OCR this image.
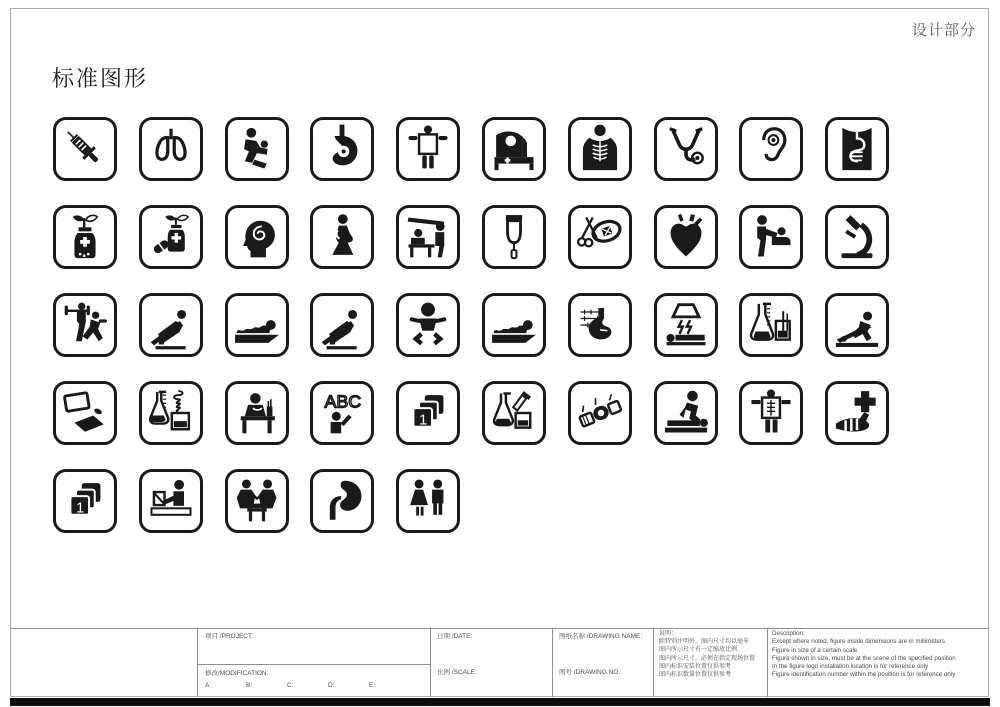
设计部分
标准图形
ABC
1
1
项目 /PROJECT:
修改/MODIFICATION:
A:	B:	C:	D:	E:
日期 /DATE:
比例 /SCALE:
图纸名称 /DRAWING NAME:
图号 /DRAWING NO.:
说明：
除特别注明外，图内尺寸均以毫米
图内所示尺寸有一定缩放比例
图内所示尺寸，必须在指定现场位置
图内标识安装位置仅供参考
图内标识数量位置仅供参考
Description:
Except where noted, figure inside dimensions are in millimeters
Figure in size of a certain scale
Figure shown in size, must be at the scene of the specified position
In the figure logo installation location is for reference only
Figure identification number within the position is for reference only
